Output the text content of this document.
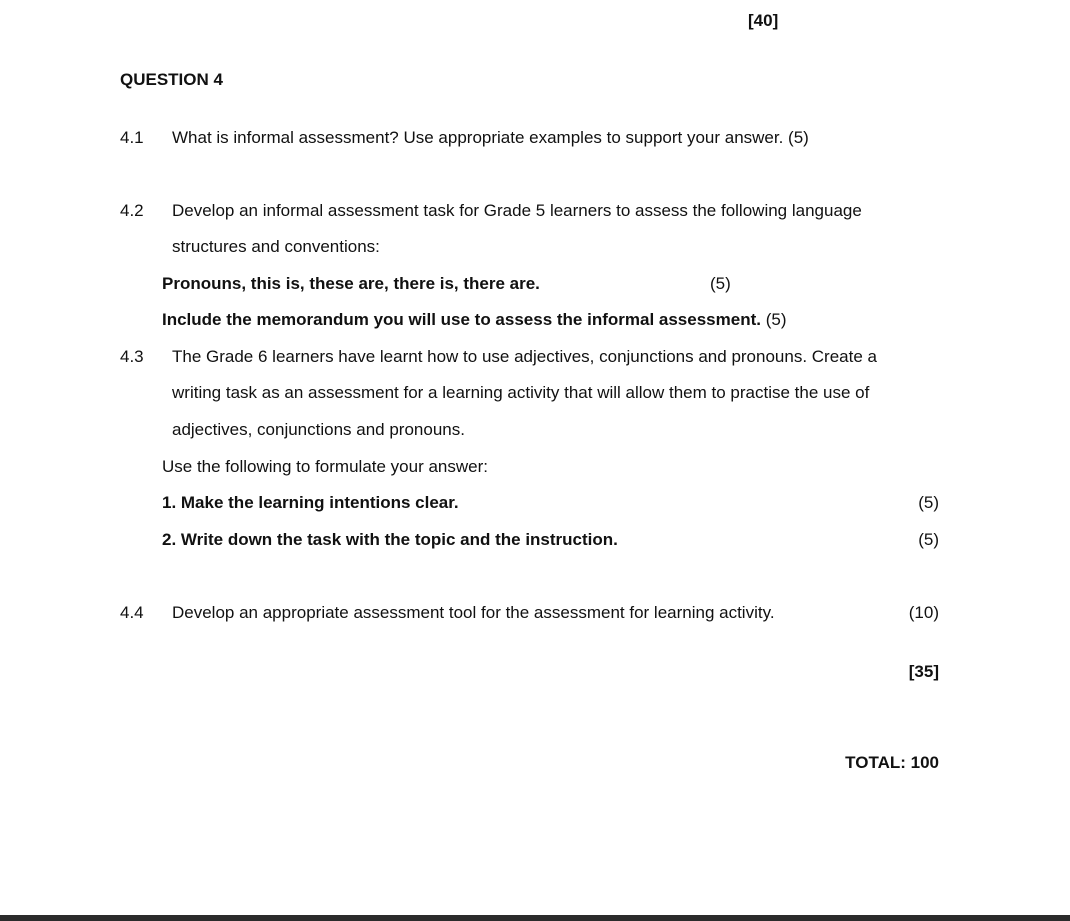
[40]
QUESTION 4
4.1 What is informal assessment? Use appropriate examples to support your answer. (5)
4.2 Develop an informal assessment task for Grade 5 learners to assess the following language
structures and conventions:
Pronouns, this is, these are, there is, there are.	(5)
Include the memorandum you will use to assess the informal assessment. (5)
4.3 The Grade 6 learners have learnt how to use adjectives, conjunctions and pronouns. Create a
writing task as an assessment for a learning activity that will allow them to practise the use of
adjectives, conjunctions and pronouns.
Use the following to formulate your answer:
1. Make the learning intentions clear.	(5)
2. Write down the task with the topic and the instruction.	(5)
4.4 Develop an appropriate assessment tool for the assessment for learning activity.	(10)
[35]
TOTAL: 100
